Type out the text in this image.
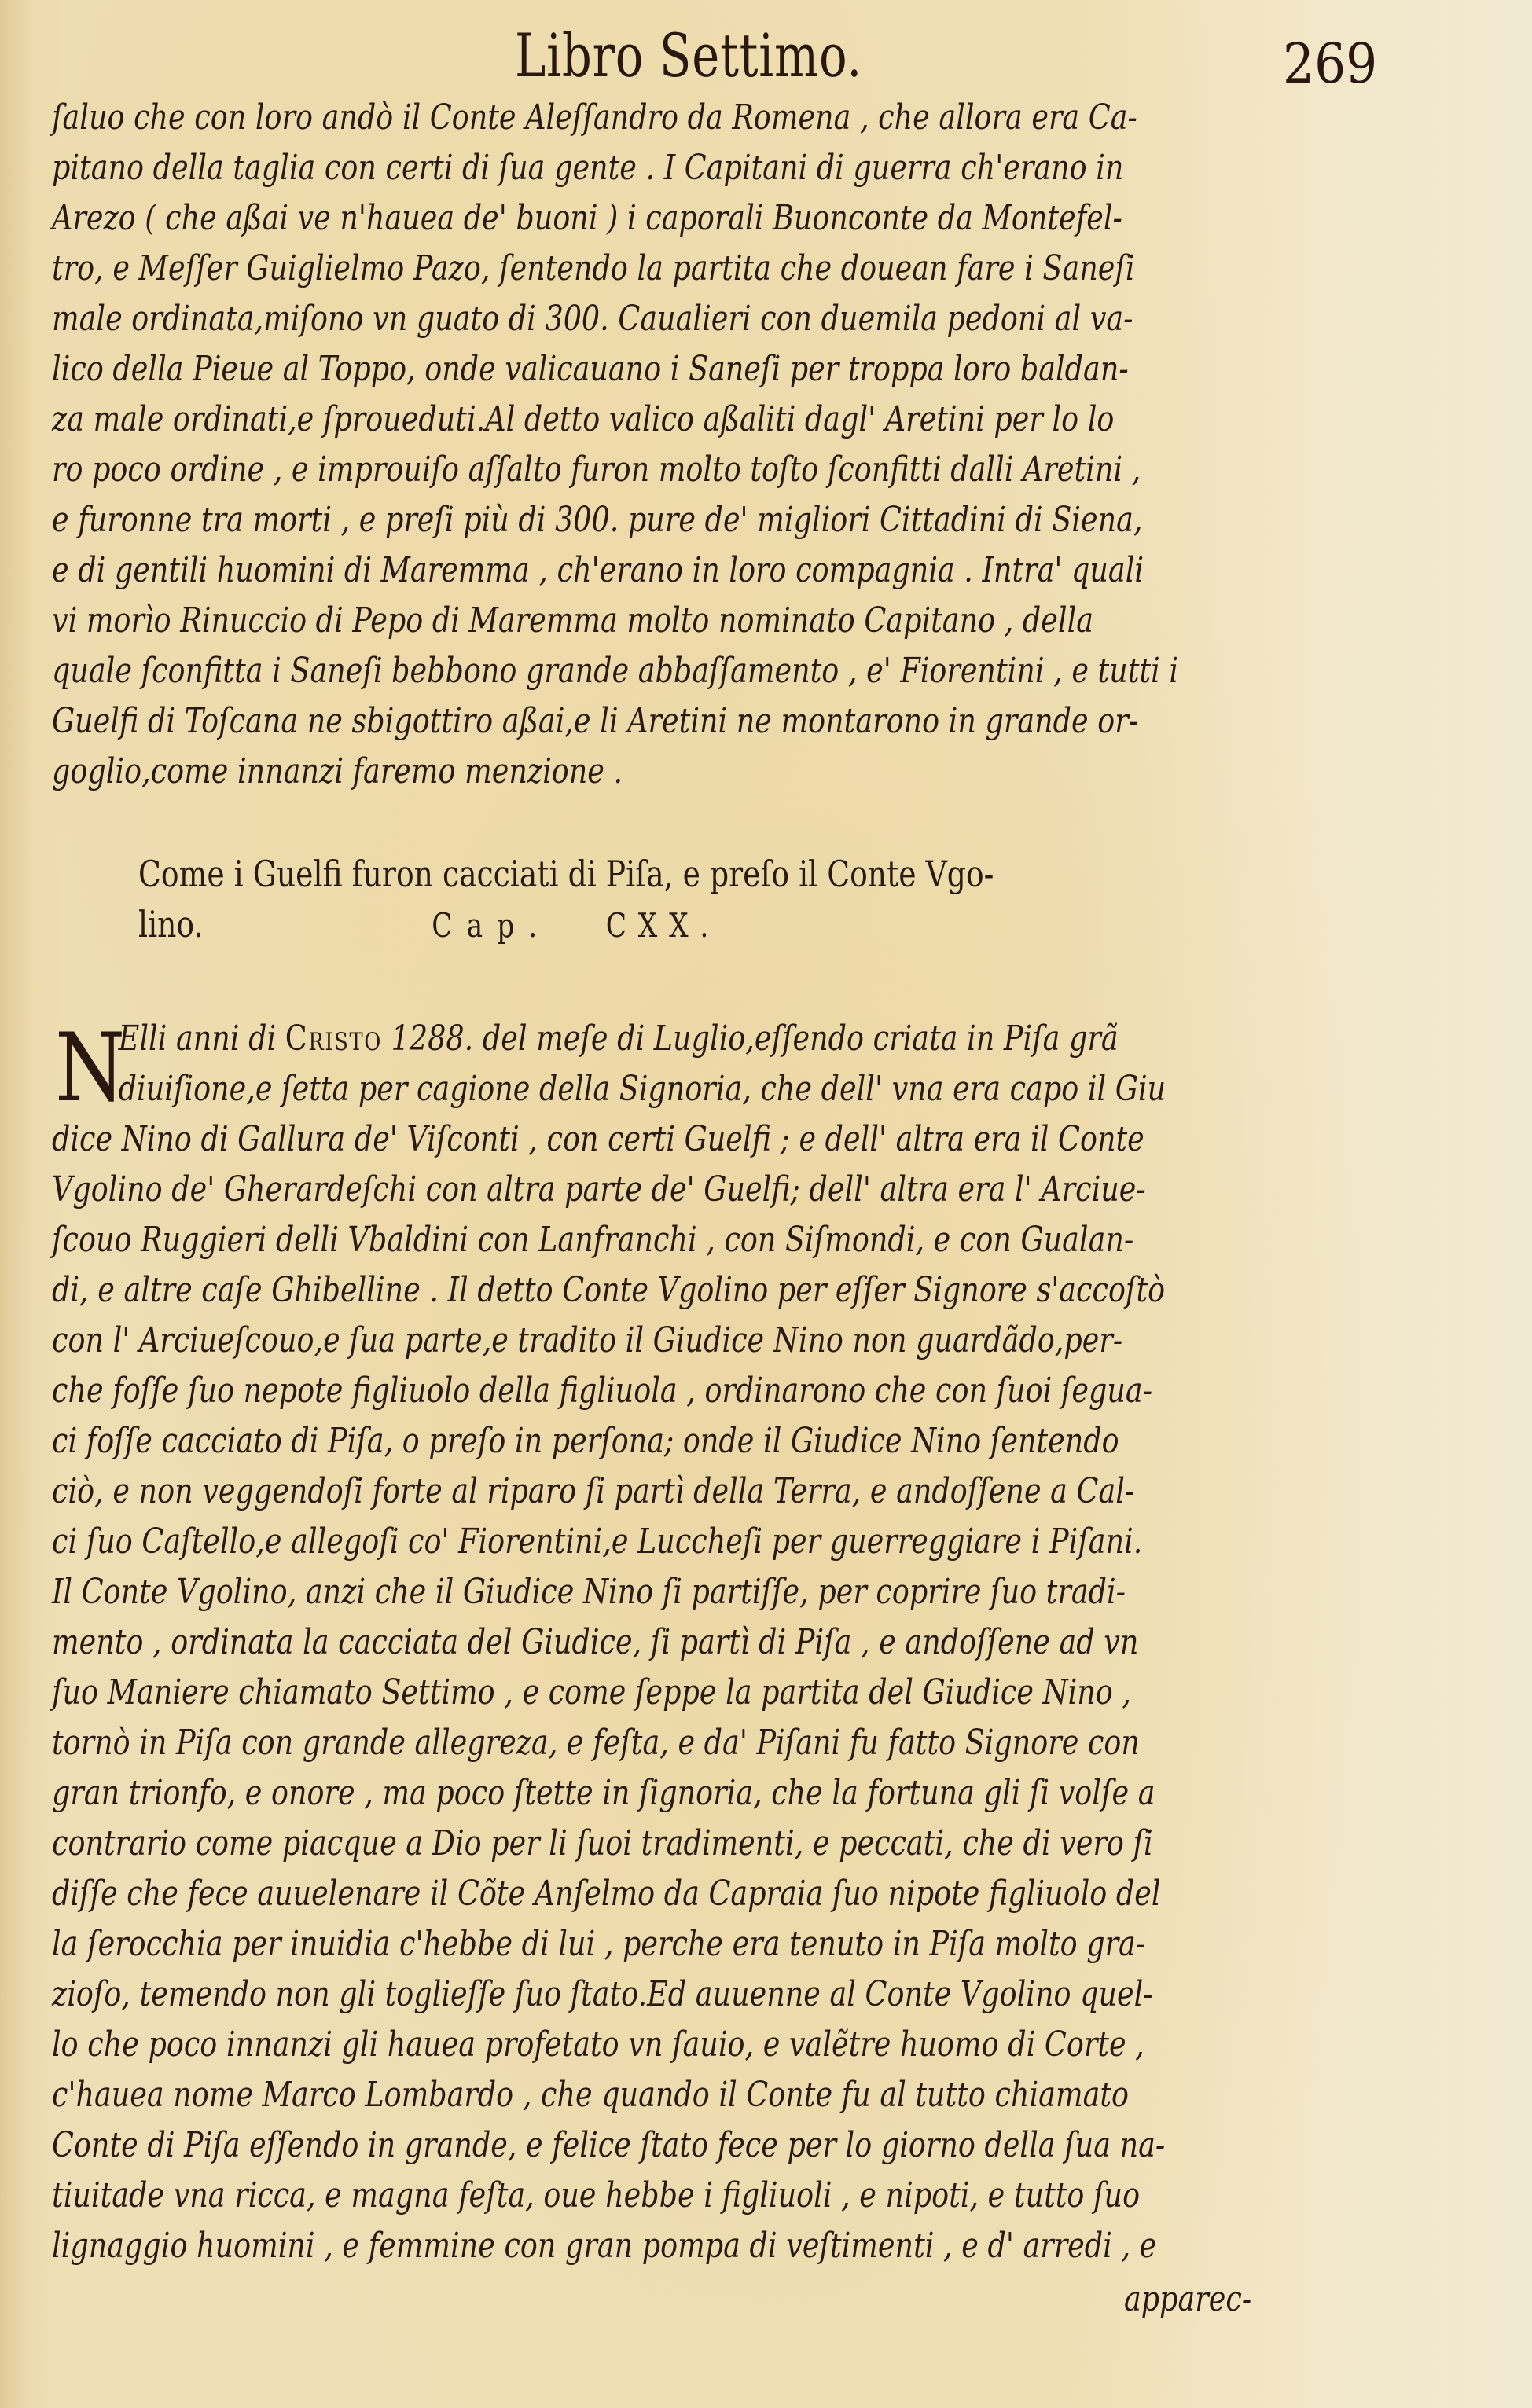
Libro Settimo.	269
ſaluo che con loro andò il Conte Aleſſandro da Romena , che allora era Ca-
pitano della taglia con certi di ſua gente . I Capitani di guerra ch'erano in
Arezo ( che aßai ve n'hauea de' buoni ) i caporali Buonconte da Montefel-
tro, e Meſſer Guiglielmo Pazo, ſentendo la partita che douean fare i Saneſi
male ordinata,miſono vn guato di 300. Caualieri con duemila pedoni al va-
lico della Pieue al Toppo, onde valicauano i Saneſi per troppa loro baldan-
za male ordinati,e ſproueduti.Al detto valico aßaliti dagl' Aretini per lo lo
ro poco ordine , e improuiſo aſſalto furon molto toſto ſconfitti dalli Aretini ,
e furonne tra morti , e preſi più di 300. pure de' migliori Cittadini di Siena,
e di gentili huomini di Maremma , ch'erano in loro compagnia . Intra' quali
vi morìo Rinuccio di Pepo di Maremma molto nominato Capitano , della
quale ſconfitta i Saneſi bebbono grande abbaſſamento , e' Fiorentini , e tutti i
Guelfi di Toſcana ne sbigottiro aßai,e li Aretini ne montarono in grande or-
goglio,come innanzi faremo menzione .
Come i Guelfi furon cacciati di Piſa, e preſo il Conte Vgo-
lino.	Cap. CXX.
N
Elli anni di Cristo 1288. del meſe di Luglio,eſſendo criata in Piſa grã
diuiſione,e ſetta per cagione della Signoria, che dell' vna era capo il Giu
dice Nino di Gallura de' Viſconti , con certi Guelfi ; e dell' altra era il Conte
Vgolino de' Gherardeſchi con altra parte de' Guelfi; dell' altra era l' Arciue-
ſcouo Ruggieri delli Vbaldini con Lanfranchi , con Siſmondi, e con Gualan-
di, e altre caſe Ghibelline . Il detto Conte Vgolino per eſſer Signore s'accoſtò
con l' Arciueſcouo,e ſua parte,e tradito il Giudice Nino non guardãdo,per-
che foſſe ſuo nepote figliuolo della figliuola , ordinarono che con ſuoi ſegua-
ci foſſe cacciato di Piſa, o preſo in perſona; onde il Giudice Nino ſentendo
ciò, e non veggendoſi forte al riparo ſi partì della Terra, e andoſſene a Cal-
ci ſuo Caſtello,e allegoſi co' Fiorentini,e Luccheſi per guerreggiare i Piſani.
Il Conte Vgolino, anzi che il Giudice Nino ſi partiſſe, per coprire ſuo tradi-
mento , ordinata la cacciata del Giudice, ſi partì di Piſa , e andoſſene ad vn
ſuo Maniere chiamato Settimo , e come ſeppe la partita del Giudice Nino ,
tornò in Piſa con grande allegreza, e feſta, e da' Piſani fu fatto Signore con
gran trionfo, e onore , ma poco ſtette in ſignoria, che la fortuna gli ſi volſe a
contrario come piacque a Dio per li ſuoi tradimenti, e peccati, che di vero ſi
diſſe che fece auuelenare il Cõte Anſelmo da Capraia ſuo nipote figliuolo del
la ſerocchia per inuidia c'hebbe di lui , perche era tenuto in Piſa molto gra-
zioſo, temendo non gli toglieſſe ſuo ſtato.Ed auuenne al Conte Vgolino quel-
lo che poco innanzi gli hauea profetato vn ſauio, e valẽtre huomo di Corte ,
c'hauea nome Marco Lombardo , che quando il Conte fu al tutto chiamato
Conte di Piſa eſſendo in grande, e felice ſtato fece per lo giorno della ſua na-
tiuitade vna ricca, e magna feſta, oue hebbe i figliuoli , e nipoti, e tutto ſuo
lignaggio huomini , e femmine con gran pompa di veſtimenti , e d' arredi , e
apparec-
